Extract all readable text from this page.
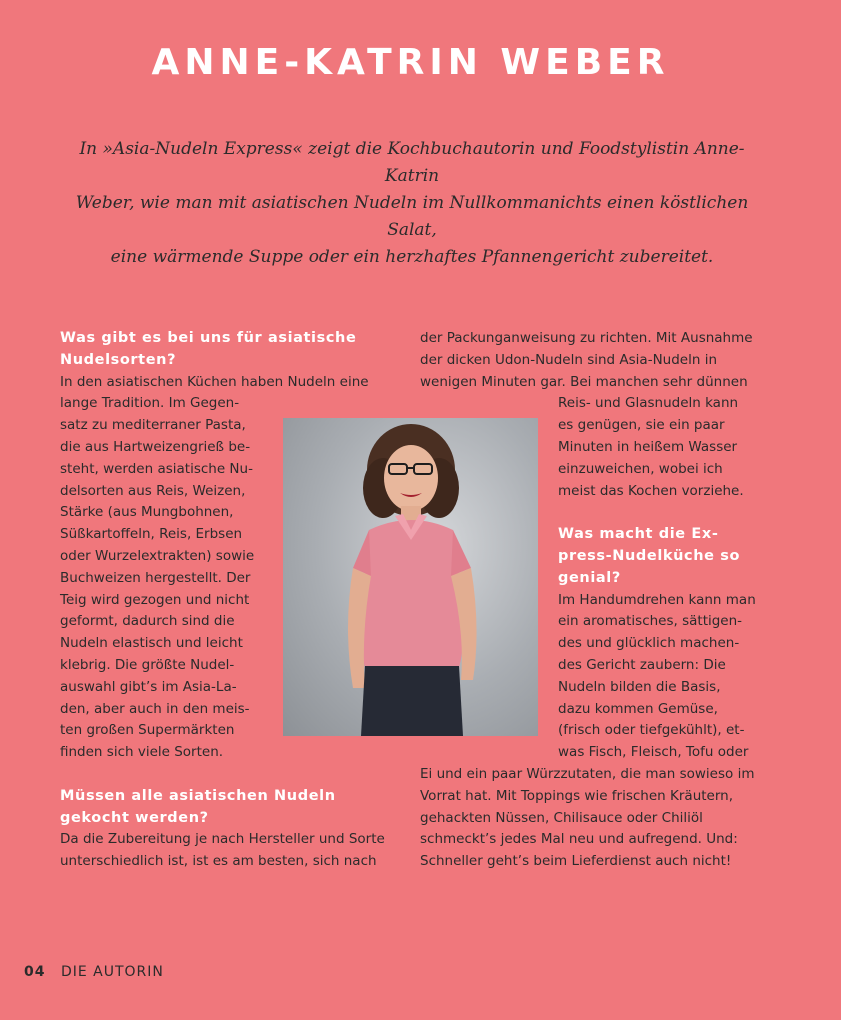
ANNE-KATRIN WEBER
In »Asia-Nudeln Express« zeigt die Kochbuchautorin und Foodstylistin Anne-Katrin
Weber, wie man mit asiatischen Nudeln im Nullkommanichts einen köstlichen Salat,
eine wärmende Suppe oder ein herzhaftes Pfannengericht zubereitet.
Was gibt es bei uns für asiatische
Nudelsorten?
In den asiatischen Küchen haben Nudeln eine
lange Tradition. Im Gegen-
satz zu mediterraner Pasta,
die aus Hartweizengrieß be-
steht, werden asiatische Nu-
delsorten aus Reis, Weizen,
Stärke (aus Mungbohnen,
Süßkartoffeln, Reis, Erbsen
oder Wurzelextrakten) sowie
Buchweizen hergestellt. Der
Teig wird gezogen und nicht
geformt, dadurch sind die
Nudeln elastisch und leicht
klebrig. Die größte Nudel-
auswahl gibt’s im Asia-La-
den, aber auch in den meis-
ten großen Supermärkten
finden sich viele Sorten.
Müssen alle asiatischen Nudeln
gekocht werden?
Da die Zubereitung je nach Hersteller und Sorte
unterschiedlich ist, ist es am besten, sich nach
der Packunganweisung zu richten. Mit Ausnahme
der dicken Udon-Nudeln sind Asia-Nudeln in
wenigen Minuten gar. Bei manchen sehr dünnen
Reis- und Glasnudeln kann
es genügen, sie ein paar
Minuten in heißem Wasser
einzuweichen, wobei ich
meist das Kochen vorziehe.
Was macht die Ex-
press-Nudelküche so
genial?
Im Handumdrehen kann man
ein aromatisches, sättigen-
des und glücklich machen-
des Gericht zaubern: Die
Nudeln bilden die Basis,
dazu kommen Gemüse,
(frisch oder tiefgekühlt), et-
was Fisch, Fleisch, Tofu oder
Ei und ein paar Würzzutaten, die man sowieso im
Vorrat hat. Mit Toppings wie frischen Kräutern,
gehackten Nüssen, Chilisauce oder Chiliöl
schmeckt’s jedes Mal neu und aufregend. Und:
Schneller geht’s beim Lieferdienst auch nicht!
04 DIE AUTORIN
